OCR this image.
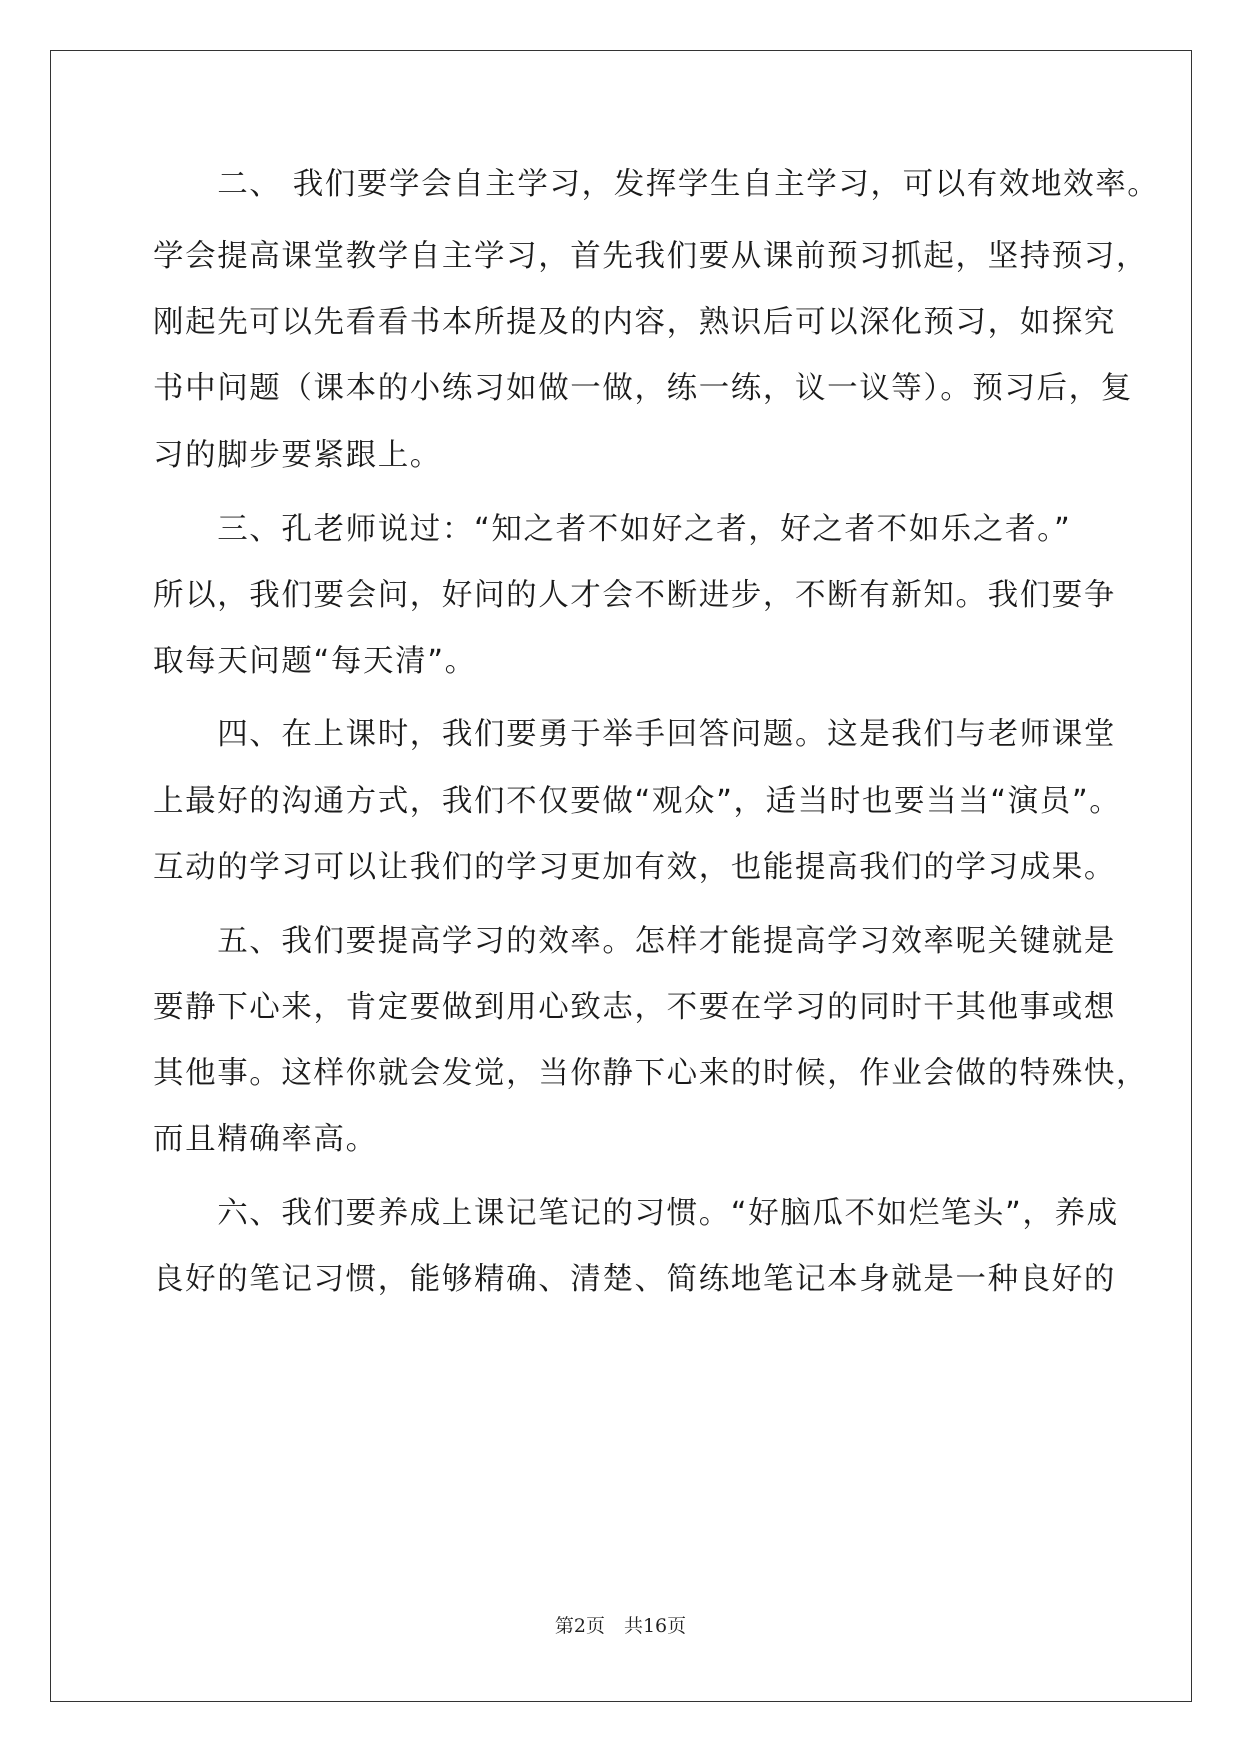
　　二、 我们要学会自主学习，发挥学生自主学习，可以有效地效率。
学会提高课堂教学自主学习，首先我们要从课前预习抓起，坚持预习，
刚起先可以先看看书本所提及的内容，熟识后可以深化预习，如探究
书中问题（课本的小练习如做一做，练一练，议一议等）。预习后，复
习的脚步要紧跟上。
　　三、孔老师说过：“知之者不如好之者，好之者不如乐之者。”
所以，我们要会问，好问的人才会不断进步，不断有新知。我们要争
取每天问题“每天清”。
　　四、在上课时，我们要勇于举手回答问题。这是我们与老师课堂
上最好的沟通方式，我们不仅要做“观众”，适当时也要当当“演员”。
互动的学习可以让我们的学习更加有效，也能提高我们的学习成果。
　　五、我们要提高学习的效率。怎样才能提高学习效率呢关键就是
要静下心来，肯定要做到用心致志，不要在学习的同时干其他事或想
其他事。这样你就会发觉，当你静下心来的时候，作业会做的特殊快，
而且精确率高。
　　六、我们要养成上课记笔记的习惯。“好脑瓜不如烂笔头”，养成
良好的笔记习惯，能够精确、清楚、简练地笔记本身就是一种良好的
第2页　共16页
